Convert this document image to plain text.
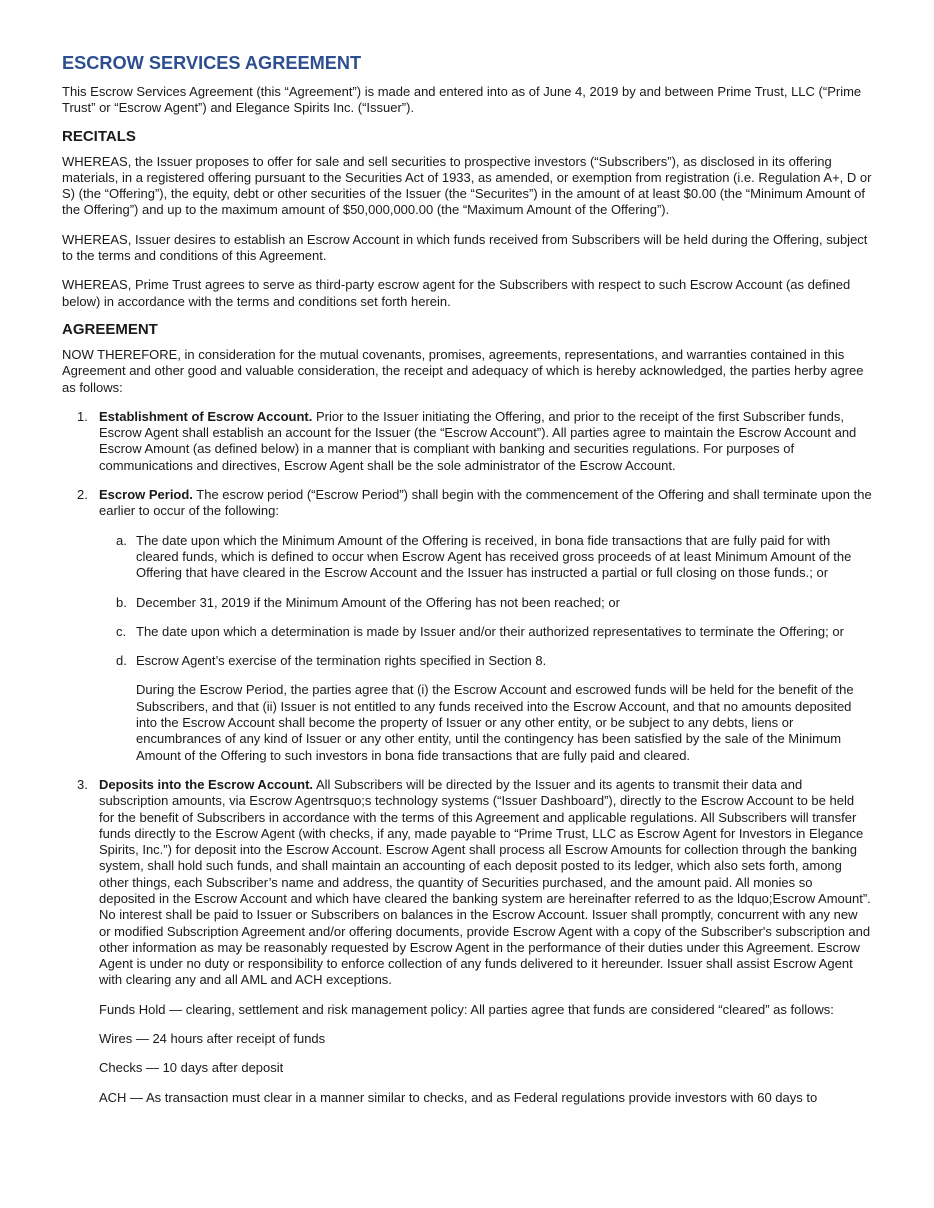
ESCROW SERVICES AGREEMENT

This Escrow Services Agreement (this “Agreement”) is made and entered into as of June 4, 2019 by and between Prime Trust, LLC (“Prime Trust” or “Escrow Agent”) and Elegance Spirits Inc. (“Issuer”).

RECITALS

WHEREAS, the Issuer proposes to offer for sale and sell securities to prospective investors (“Subscribers”), as disclosed in its offering materials, in a registered offering pursuant to the Securities Act of 1933, as amended, or exemption from registration (i.e. Regulation A+, D or S) (the “Offering”), the equity, debt or other securities of the Issuer (the “Securites”) in the amount of at least $0.00 (the “Minimum Amount of the Offering”) and up to the maximum amount of $50,000,000.00 (the “Maximum Amount of the Offering”).

WHEREAS, Issuer desires to establish an Escrow Account in which funds received from Subscribers will be held during the Offering, subject to the terms and conditions of this Agreement.

WHEREAS, Prime Trust agrees to serve as third-party escrow agent for the Subscribers with respect to such Escrow Account (as defined below) in accordance with the terms and conditions set forth herein.

AGREEMENT

NOW THEREFORE, in consideration for the mutual covenants, promises, agreements, representations, and warranties contained in this Agreement and other good and valuable consideration, the receipt and adequacy of which is hereby acknowledged, the parties herby agree as follows:

1. Establishment of Escrow Account. Prior to the Issuer initiating the Offering, and prior to the receipt of the first Subscriber funds, Escrow Agent shall establish an account for the Issuer (the “Escrow Account”). All parties agree to maintain the Escrow Account and Escrow Amount (as defined below) in a manner that is compliant with banking and securities regulations. For purposes of communications and directives, Escrow Agent shall be the sole administrator of the Escrow Account.
2. Escrow Period. The escrow period (“Escrow Period”) shall begin with the commencement of the Offering and shall terminate upon the earlier to occur of the following:
a. The date upon which the Minimum Amount of the Offering is received, in bona fide transactions that are fully paid for with cleared funds, which is defined to occur when Escrow Agent has received gross proceeds of at least Minimum Amount of the Offering that have cleared in the Escrow Account and the Issuer has instructed a partial or full closing on those funds.; or
b. December 31, 2019 if the Minimum Amount of the Offering has not been reached; or
c. The date upon which a determination is made by Issuer and/or their authorized representatives to terminate the Offering; or
d. Escrow Agent’s exercise of the termination rights specified in Section 8.

During the Escrow Period, the parties agree that (i) the Escrow Account and escrowed funds will be held for the benefit of the Subscribers, and that (ii) Issuer is not entitled to any funds received into the Escrow Account, and that no amounts deposited into the Escrow Account shall become the property of Issuer or any other entity, or be subject to any debts, liens or encumbrances of any kind of Issuer or any other entity, until the contingency has been satisfied by the sale of the Minimum Amount of the Offering to such investors in bona fide transactions that are fully paid and cleared.

3. Deposits into the Escrow Account. All Subscribers will be directed by the Issuer and its agents to transmit their data and subscription amounts, via Escrow Agentrsquo;s technology systems (“Issuer Dashboard”), directly to the Escrow Account to be held for the benefit of Subscribers in accordance with the terms of this Agreement and applicable regulations. All Subscribers will transfer funds directly to the Escrow Agent (with checks, if any, made payable to “Prime Trust, LLC as Escrow Agent for Investors in Elegance Spirits, Inc.”) for deposit into the Escrow Account. Escrow Agent shall process all Escrow Amounts for collection through the banking system, shall hold such funds, and shall maintain an accounting of each deposit posted to its ledger, which also sets forth, among other things, each Subscriber’s name and address, the quantity of Securities purchased, and the amount paid. All monies so deposited in the Escrow Account and which have cleared the banking system are hereinafter referred to as the ldquo;Escrow Amount”. No interest shall be paid to Issuer or Subscribers on balances in the Escrow Account. Issuer shall promptly, concurrent with any new or modified Subscription Agreement and/or offering documents, provide Escrow Agent with a copy of the Subscriber's subscription and other information as may be reasonably requested by Escrow Agent in the performance of their duties under this Agreement. Escrow Agent is under no duty or responsibility to enforce collection of any funds delivered to it hereunder. Issuer shall assist Escrow Agent with clearing any and all AML and ACH exceptions.

Funds Hold — clearing, settlement and risk management policy: All parties agree that funds are considered “cleared” as follows:

Wires — 24 hours after receipt of funds

Checks — 10 days after deposit

ACH — As transaction must clear in a manner similar to checks, and as Federal regulations provide investors with 60 days to
